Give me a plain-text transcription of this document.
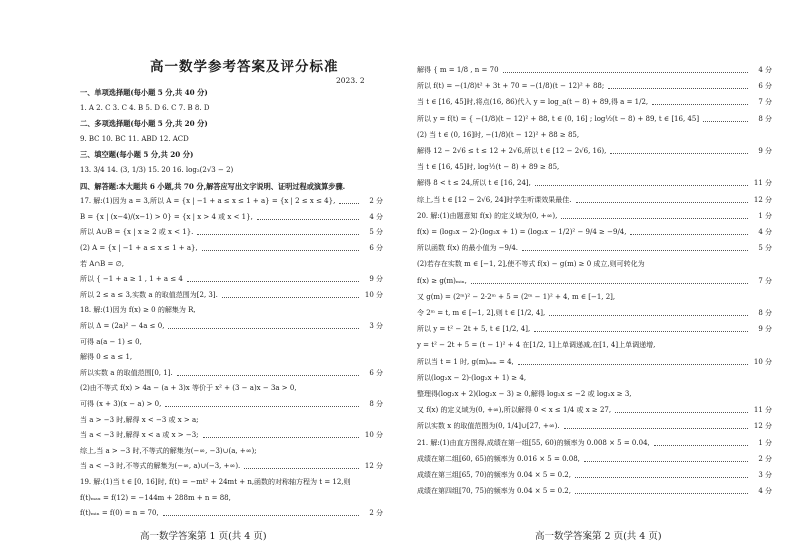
高一数学参考答案及评分标准
2023. 2
一、单项选择题(每小题 5 分,共 40 分)
1. A 2. C 3. C 4. B 5. D 6. C 7. B 8. D
二、多项选择题(每小题 5 分,共 20 分)
9. BC 10. BC 11. ABD 12. ACD
三、填空题(每小题 5 分,共 20 分)
13. 3/4 14. (3, 1/3) 15. 20 16. log₂(2√3 − 2)
四、解答题:本大题共 6 小题,共 70 分,解答应写出文字说明、证明过程或演算步骤.
17. 解:(1)因为 a = 3,所以 A = {x | −1 + a ≤ x ≤ 1 + a} = {x | 2 ≤ x ≤ 4},	2 分
B = {x | (x−4)/(x−1) > 0} = {x | x > 4 或 x < 1},	4 分
所以 A∪B = {x | x ≥ 2 或 x < 1}.	5 分
(2) A = {x | −1 + a ≤ x ≤ 1 + a},	6 分
若 A∩B = ∅,
所以 { −1 + a ≥ 1 , 1 + a ≤ 4	9 分
所以 2 ≤ a ≤ 3,实数 a 的取值范围为[2, 3].	10 分
18. 解:(1)因为 f(x) ≥ 0 的解集为 R,
所以 Δ = (2a)² − 4a ≤ 0,	3 分
可得 a(a − 1) ≤ 0,
解得 0 ≤ a ≤ 1,
所以实数 a 的取值范围[0, 1].	6 分
(2)由不等式 f(x) > 4a − (a + 3)x 等价于 x² + (3 − a)x − 3a > 0,
可得 (x + 3)(x − a) > 0,	8 分
当 a > −3 时,解得 x < −3 或 x > a;
当 a < −3 时,解得 x < a 或 x > −3;	10 分
综上,当 a > −3 时,不等式的解集为(−∞, −3)∪(a, +∞);
当 a < −3 时,不等式的解集为(−∞, a)∪(−3, +∞).	12 分
19. 解:(1)当 t ∈ [0, 16]时, f(t) = −mt² + 24mt + n,函数的对称轴方程为 t = 12,则
f(t)ₘₐₓ = f(12) = −144m + 288m + n = 88,
f(t)ₘᵢₙ = f(0) = n = 70,	2 分
高一数学答案第 1 页(共 4 页)
解得 { m = 1/8 , n = 70	4 分
所以 f(t) = −(1/8)t² + 3t + 70 = −(1/8)(t − 12)² + 88;	6 分
当 t ∈ [16, 45]时,将点(16, 86)代入 y = log_a(t − 8) + 89,得 a = 1/2,	7 分
所以 y = f(t) = { −(1/8)(t − 12)² + 88, t ∈ (0, 16] ; log½(t − 8) + 89, t ∈ [16, 45]	8 分
(2) 当 t ∈ (0, 16]时, −(1/8)(t − 12)² + 88 ≥ 85,
解得 12 − 2√6 ≤ t ≤ 12 + 2√6,所以 t ∈ [12 − 2√6, 16),	9 分
当 t ∈ [16, 45]时, log½(t − 8) + 89 ≥ 85,
解得 8 < t ≤ 24,所以 t ∈ [16, 24],	11 分
综上,当 t ∈ [12 − 2√6, 24]时学生听课效果最佳.	12 分
20. 解:(1)由题意知 f(x) 的定义域为(0, +∞),	1 分
f(x) = (log₂x − 2)·(log₂x + 1) = (log₂x − 1/2)² − 9/4 ≥ −9/4,	4 分
所以函数 f(x) 的最小值为 −9/4.	5 分
(2)若存在实数 m ∈ [−1, 2],使不等式 f(x) − g(m) ≥ 0 成立,则可转化为
f(x) ≥ g(m)ₘᵢₙ,	7 分
又 g(m) = (2ᵐ)² − 2·2ᵐ + 5 = (2ᵐ − 1)² + 4, m ∈ [−1, 2],
令 2ᵐ = t, m ∈ [−1, 2],则 t ∈ [1/2, 4],	8 分
所以 y = t² − 2t + 5, t ∈ [1/2, 4],	9 分
y = t² − 2t + 5 = (t − 1)² + 4 在[1/2, 1]上单调递减,在[1, 4]上单调递增,
所以当 t = 1 时, g(m)ₘᵢₙ = 4,	10 分
所以(log₂x − 2)·(log₂x + 1) ≥ 4,
整理得(log₂x + 2)(log₂x − 3) ≥ 0,解得 log₂x ≤ −2 或 log₂x ≥ 3,
又 f(x) 的定义域为(0, +∞),所以解得 0 < x ≤ 1/4 或 x ≥ 27,	11 分
所以实数 x 的取值范围为(0, 1/4]∪[27, +∞).	12 分
21. 解:(1)由直方图得,成绩在第一组[55, 60)的频率为 0.008 × 5 = 0.04,	1 分
成绩在第二组[60, 65)的频率为 0.016 × 5 = 0.08,	2 分
成绩在第三组[65, 70)的频率为 0.04 × 5 = 0.2,	3 分
成绩在第四组[70, 75)的频率为 0.04 × 5 = 0.2,	4 分
高一数学答案第 2 页(共 4 页)
